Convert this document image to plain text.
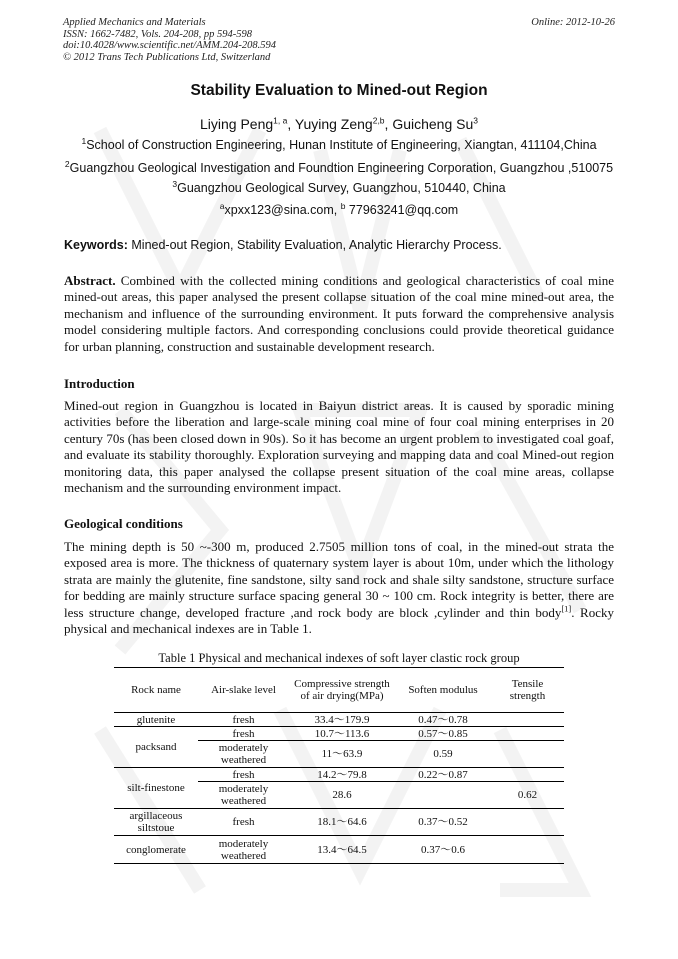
Applied Mechanics and Materials
ISSN: 1662-7482, Vols. 204-208, pp 594-598
doi:10.4028/www.scientific.net/AMM.204-208.594
© 2012 Trans Tech Publications Ltd, Switzerland
Online: 2012-10-26
Stability Evaluation to Mined-out Region
Liying Peng$^{1, a}$, Yuying Zeng$^{2,b}$, Guicheng Su$^3$
$^1$School of Construction Engineering, Hunan Institute of Engineering, Xiangtan, 411104,China
$^2$Guangzhou Geological Investigation and Foundtion Engineering Corporation, Guangzhou ,510075
$^3$Guangzhou Geological Survey, Guangzhou, 510440, China
$^a$xpxx123@sina.com, $^b$ 77963241@qq.com
Keywords: Mined-out Region, Stability Evaluation, Analytic Hierarchy Process.
Abstract. Combined with the collected mining conditions and geological characteristics of coal mine mined-out areas, this paper analysed the present collapse situation of the coal mine mined-out area, the mechanism and influence of the surrounding environment. It puts forward the comprehensive analysis model considering multiple factors. And corresponding conclusions could provide theoretical guidance for urban planning, construction and sustainable development research.
Introduction
Mined-out region in Guangzhou is located in Baiyun district areas. It is caused by sporadic mining activities before the liberation and large-scale mining coal mine of four coal mining enterprises in 20 century 70s (has been closed down in 90s). So it has become an urgent problem to investigated coal goaf, and evaluate its stability thoroughly. Exploration surveying and mapping data and coal Mined-out region monitoring data, this paper analysed the collapse present situation of the coal mine areas, collapse mechanism and the surrounding environment impact.
Geological conditions
The mining depth is 50 ~-300 m, produced 2.7505 million tons of coal, in the mined-out strata the exposed area is more. The thickness of quaternary system layer is about 10m, under which the lithology strata are mainly the glutenite, fine sandstone, silty sand rock and shale silty sandstone, structure surface for bedding are mainly structure surface spacing general 30 ~ 100 cm. Rock integrity is better, there are less structure change, developed fracture ,and rock body are block ,cylinder and thin body[1]. Rocky physical and mechanical indexes are in Table 1.
Table 1 Physical and mechanical indexes of soft layer clastic rock group
Rock name	Air-slake level	Compressive strength of air drying(MPa)	Soften modulus	Tensile strength
glutenite	fresh	33.4～179.9	0.47～0.78	
packsand	fresh	10.7～113.6	0.57～0.85	
	moderately weathered	11～63.9	0.59	
silt-finestone	fresh	14.2～79.8	0.22～0.87	
	moderately weathered	28.6		0.62
argillaceous siltstoue	fresh	18.1～64.6	0.37～0.52	
conglomerate	moderately weathered	13.4～64.5	0.37～0.6	
